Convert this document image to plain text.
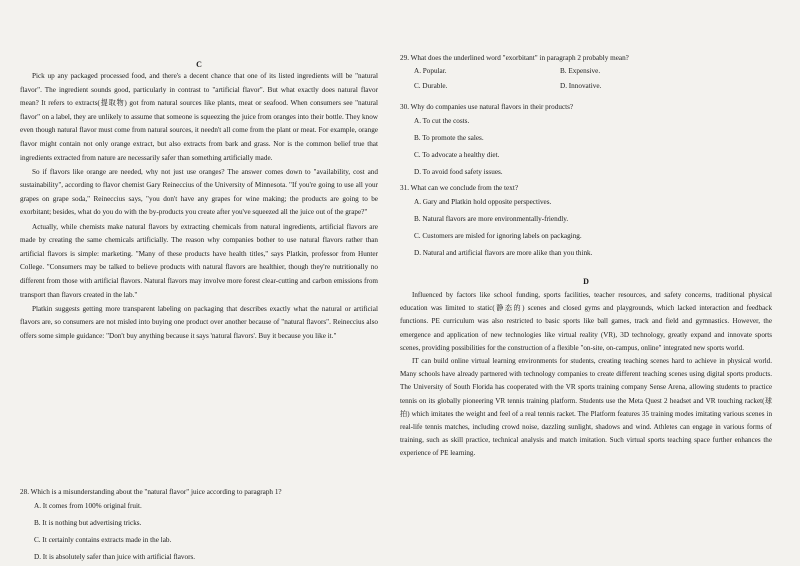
C

Pick up any packaged processed food, and there's a decent chance that one of its listed ingredients will be "natural flavor". The ingredient sounds good, particularly in contrast to "artificial flavor". But what exactly does natural flavor mean? It refers to extracts(提取物) got from natural sources like plants, meat or seafood. When consumers see "natural flavor" on a label, they are unlikely to assume that someone is squeezing the juice from oranges into their bottle. They know even though natural flavor must come from natural sources, it needn't all come from the plant or meat. For example, orange flavor might contain not only orange extract, but also extracts from bark and grass. Nor is the common belief true that ingredients extracted from nature are necessarily safer than something artificially made.

So if flavors like orange are needed, why not just use oranges? The answer comes down to "availability, cost and sustainability", according to flavor chemist Gary Reineccius of the University of Minnesota. "If you're going to use all your grapes on grape soda," Reineccius says, "you don't have any grapes for wine making; the products are going to be exorbitant; besides, what do you do with the by-products you create after you've squeezed all the juice out of the grape?"

Actually, while chemists make natural flavors by extracting chemicals from natural ingredients, artificial flavors are made by creating the same chemicals artificially. The reason why companies bother to use natural flavors rather than artificial flavors is simple: marketing. "Many of these products have health titles," says Platkin, professor from Hunter College. "Consumers may be talked to believe products with natural flavors are healthier, though they're nutritionally no different from those with artificial flavors. Natural flavors may involve more forest clear-cutting and carbon emissions from transport than flavors created in the lab."

Platkin suggests getting more transparent labeling on packaging that describes exactly what the natural or artificial flavors are, so consumers are not misled into buying one product over another because of "natural flavors". Reineccius also offers some simple guidance: "Don't buy anything because it says 'natural flavors'. Buy it because you like it."

28. Which is a misunderstanding about the "natural flavor" juice according to paragraph 1?

A. It comes from 100% original fruit.

B. It is nothing but advertising tricks.

C. It certainly contains extracts made in the lab.

D. It is absolutely safer than juice with artificial flavors.

29. What does the underlined word "exorbitant" in paragraph 2 probably mean?

A. Popular.	B. Expensive.

C. Durable.	D. Innovative.

30. Why do companies use natural flavors in their products?

A. To cut the costs.

B. To promote the sales.

C. To advocate a healthy diet.

D. To avoid food safety issues.

31. What can we conclude from the text?

A. Gary and Platkin hold opposite perspectives.

B. Natural flavors are more environmentally-friendly.

C. Customers are misled for ignoring labels on packaging.

D. Natural and artificial flavors are more alike than you think.

D

Influenced by factors like school funding, sports facilities, teacher resources, and safety concerns, traditional physical education was limited to static(静态的) scenes and closed gyms and playgrounds, which lacked interaction and feedback functions. PE curriculum was also restricted to basic sports like ball games, track and field and gymnastics. However, the emergence and application of new technologies like virtual reality (VR), 3D technology, greatly expand and innovate sports scenes, providing possibilities for the construction of a flexible "on-site, on-campus, online" integrated new sports world.

IT can build online virtual learning environments for students, creating teaching scenes hard to achieve in physical world. Many schools have already partnered with technology companies to create different teaching scenes using digital sports products. The University of South Florida has cooperated with the VR sports training company Sense Arena, allowing students to practice tennis on its globally pioneering VR tennis training platform. Students use the Meta Quest 2 headset and VR touching racket(球拍) which imitates the weight and feel of a real tennis racket. The Platform features 35 training modes imitating various scenes in real-life tennis matches, including crowd noise, dazzling sunlight, shadows and wind. Athletes can engage in various forms of training, such as skill practice, technical analysis and match imitation. Such virtual sports teaching space further enhances the experience of PE learning.
